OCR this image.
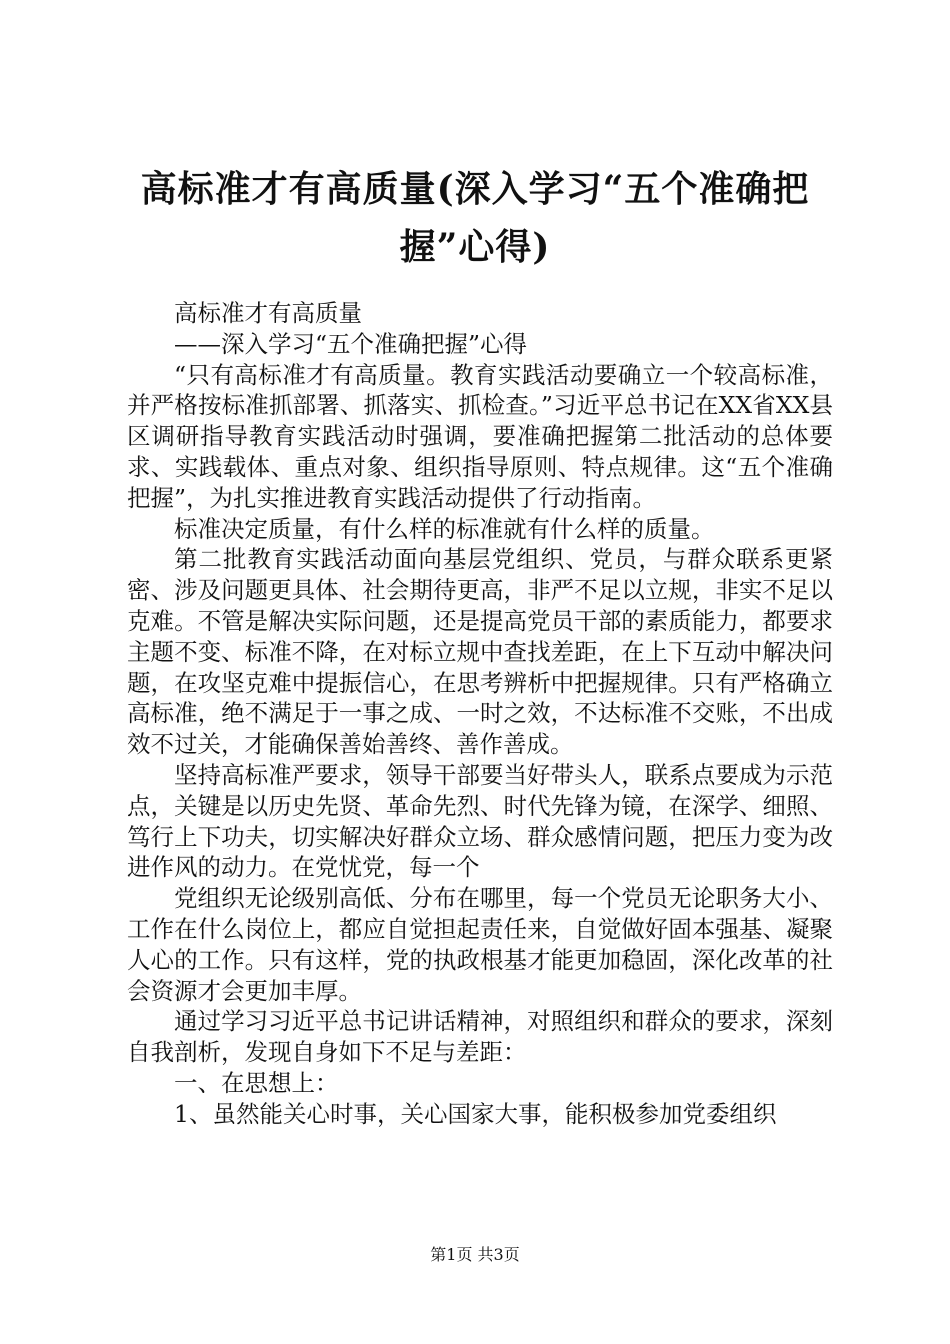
高标准才有高质量(深入学习“五个准确把握”心得)

高标准才有高质量

——深入学习“五个准确把握”心得

“只有高标准才有高质量。教育实践活动要确立一个较高标准，并严格按标准抓部署、抓落实、抓检查。”习近平总书记在XX省XX县区调研指导教育实践活动时强调，要准确把握第二批活动的总体要求、实践载体、重点对象、组织指导原则、特点规律。这“五个准确把握”，为扎实推进教育实践活动提供了行动指南。

标准决定质量，有什么样的标准就有什么样的质量。

第二批教育实践活动面向基层党组织、党员，与群众联系更紧密、涉及问题更具体、社会期待更高，非严不足以立规，非实不足以克难。不管是解决实际问题，还是提高党员干部的素质能力，都要求主题不变、标准不降，在对标立规中查找差距，在上下互动中解决问题，在攻坚克难中提振信心，在思考辨析中把握规律。只有严格确立高标准，绝不满足于一事之成、一时之效，不达标准不交账，不出成效不过关，才能确保善始善终、善作善成。

坚持高标准严要求，领导干部要当好带头人，联系点要成为示范点，关键是以历史先贤、革命先烈、时代先锋为镜，在深学、细照、笃行上下功夫，切实解决好群众立场、群众感情问题，把压力变为改进作风的动力。在党忧党，每一个

党组织无论级别高低、分布在哪里，每一个党员无论职务大小、工作在什么岗位上，都应自觉担起责任来，自觉做好固本强基、凝聚人心的工作。只有这样，党的执政根基才能更加稳固，深化改革的社会资源才会更加丰厚。

通过学习习近平总书记讲话精神，对照组织和群众的要求，深刻自我剖析，发现自身如下不足与差距：

一、在思想上：

1、虽然能关心时事，关心国家大事，能积极参加党委组织

第1页 共3页
